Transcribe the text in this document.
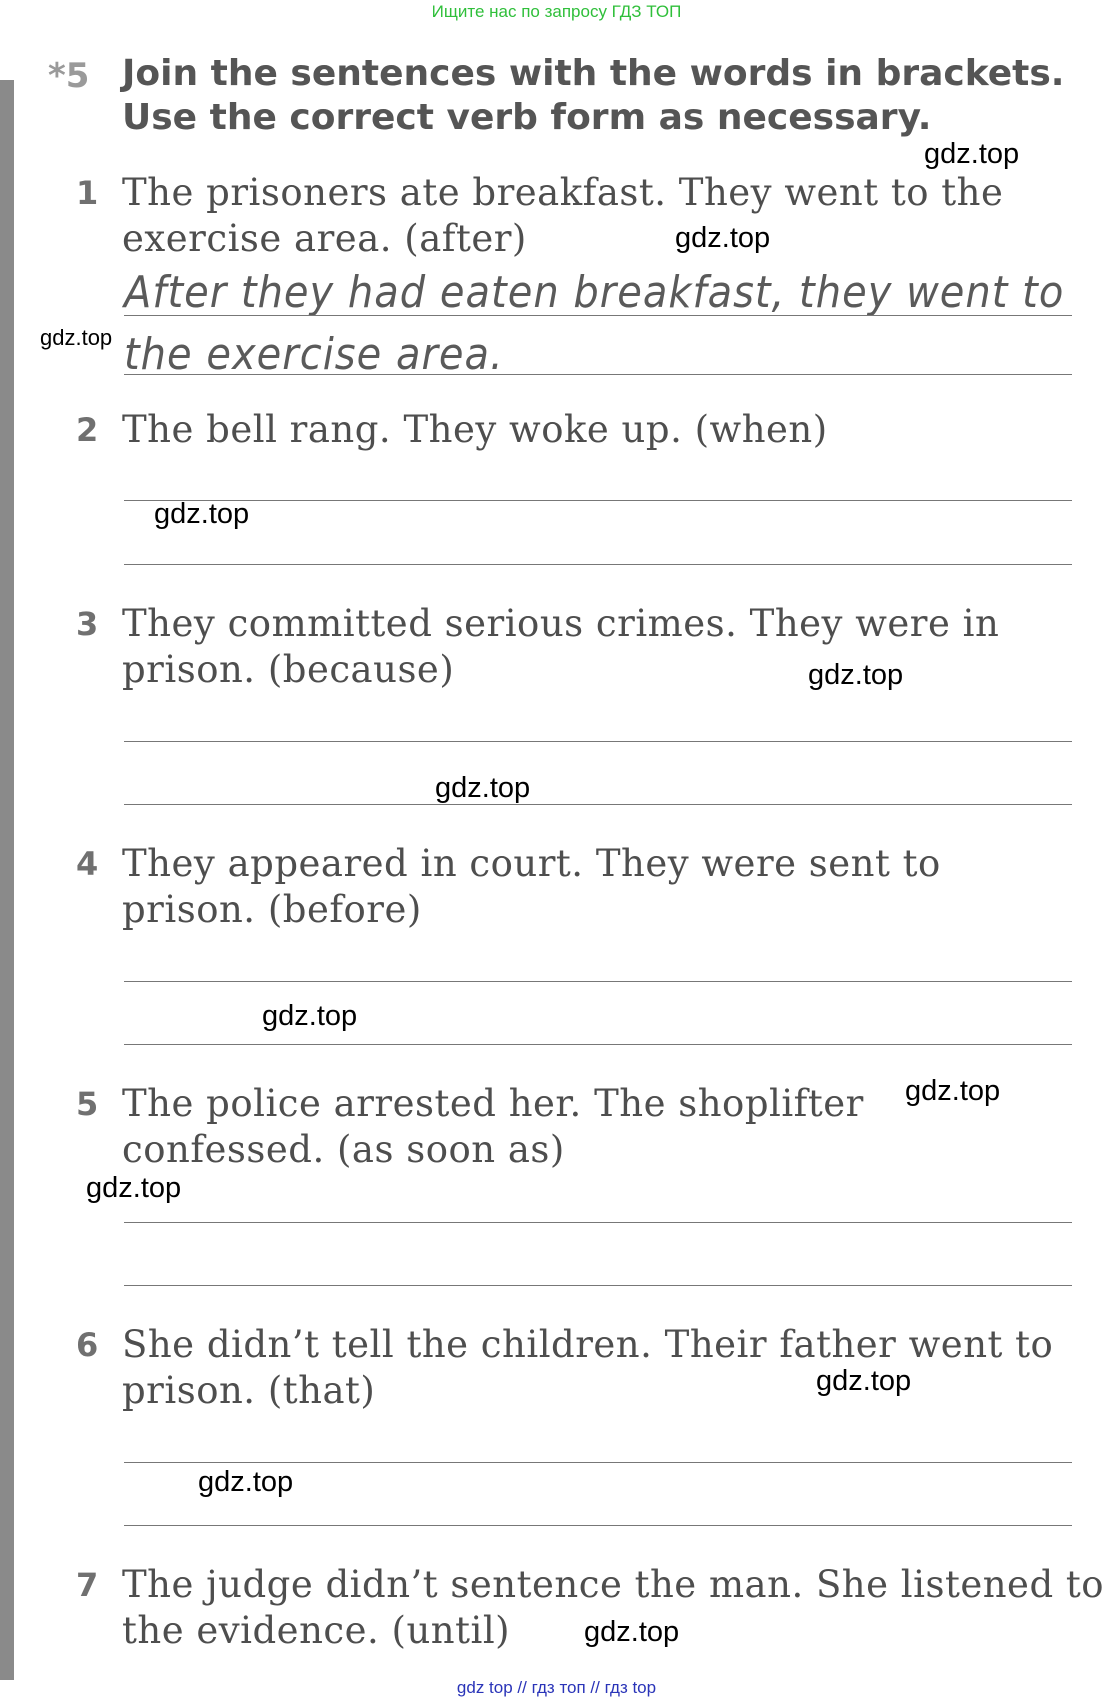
Ищите нас по запросу ГДЗ ТОП
*5 Join the sentences with the words in brackets. Use the correct verb form as necessary.
1 The prisoners ate breakfast. They went to the exercise area. (after)
After they had eaten breakfast, they went to
the exercise area.
2 The bell rang. They woke up. (when)
3 They committed serious crimes. They were in prison. (because)
4 They appeared in court. They were sent to prison. (before)
5 The police arrested her. The shoplifter confessed. (as soon as)
6 She didn’t tell the children. Their father went to prison. (that)
7 The judge didn’t sentence the man. She listened to the evidence. (until)
gdz.top
gdz.top
gdz.top
gdz.top
gdz.top
gdz.top
gdz.top
gdz.top
gdz.top
gdz.top
gdz.top
gdz.top
gdz top // гдз топ // гдз top
